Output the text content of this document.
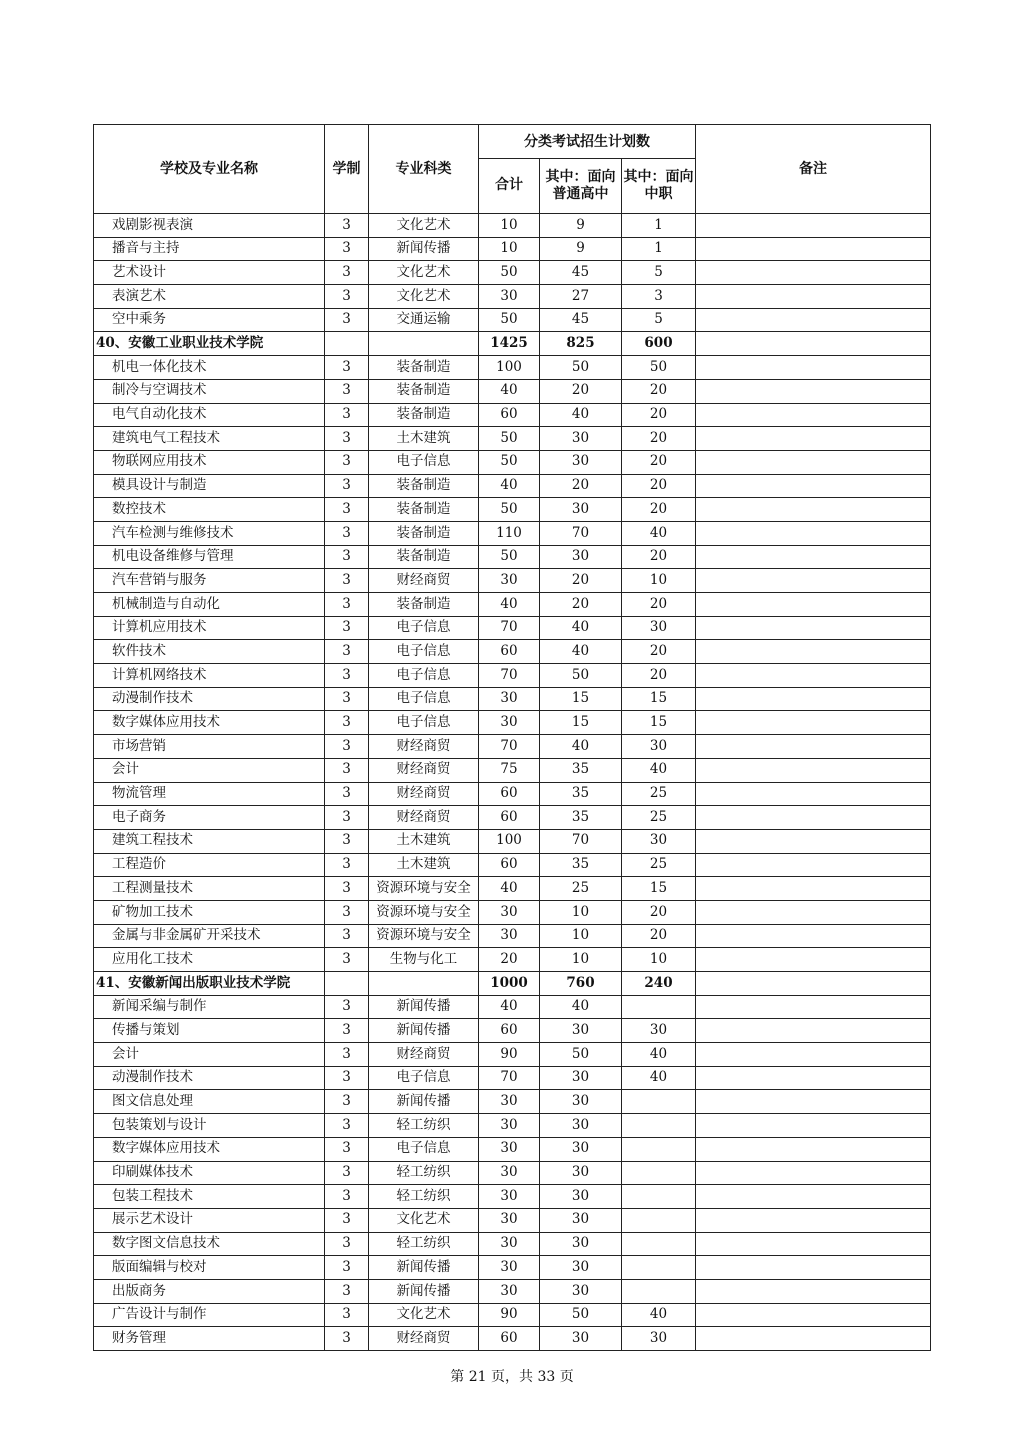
学校及专业名称	学制	专业科类	分类考试招生计划数			备注
			合计	其中：面向普通高中	其中：面向中职	
戏剧影视表演	3	文化艺术	10	9	1	
播音与主持	3	新闻传播	10	9	1	
艺术设计	3	文化艺术	50	45	5	
表演艺术	3	文化艺术	30	27	3	
空中乘务	3	交通运输	50	45	5	
40、安徽工业职业技术学院			1425	825	600	
机电一体化技术	3	装备制造	100	50	50	
制冷与空调技术	3	装备制造	40	20	20	
电气自动化技术	3	装备制造	60	40	20	
建筑电气工程技术	3	土木建筑	50	30	20	
物联网应用技术	3	电子信息	50	30	20	
模具设计与制造	3	装备制造	40	20	20	
数控技术	3	装备制造	50	30	20	
汽车检测与维修技术	3	装备制造	110	70	40	
机电设备维修与管理	3	装备制造	50	30	20	
汽车营销与服务	3	财经商贸	30	20	10	
机械制造与自动化	3	装备制造	40	20	20	
计算机应用技术	3	电子信息	70	40	30	
软件技术	3	电子信息	60	40	20	
计算机网络技术	3	电子信息	70	50	20	
动漫制作技术	3	电子信息	30	15	15	
数字媒体应用技术	3	电子信息	30	15	15	
市场营销	3	财经商贸	70	40	30	
会计	3	财经商贸	75	35	40	
物流管理	3	财经商贸	60	35	25	
电子商务	3	财经商贸	60	35	25	
建筑工程技术	3	土木建筑	100	70	30	
工程造价	3	土木建筑	60	35	25	
工程测量技术	3	资源环境与安全	40	25	15	
矿物加工技术	3	资源环境与安全	30	10	20	
金属与非金属矿开采技术	3	资源环境与安全	30	10	20	
应用化工技术	3	生物与化工	20	10	10	
41、安徽新闻出版职业技术学院			1000	760	240	
新闻采编与制作	3	新闻传播	40	40		
传播与策划	3	新闻传播	60	30	30	
会计	3	财经商贸	90	50	40	
动漫制作技术	3	电子信息	70	30	40	
图文信息处理	3	新闻传播	30	30		
包装策划与设计	3	轻工纺织	30	30		
数字媒体应用技术	3	电子信息	30	30		
印刷媒体技术	3	轻工纺织	30	30		
包装工程技术	3	轻工纺织	30	30		
展示艺术设计	3	文化艺术	30	30		
数字图文信息技术	3	轻工纺织	30	30		
版面编辑与校对	3	新闻传播	30	30		
出版商务	3	新闻传播	30	30		
广告设计与制作	3	文化艺术	90	50	40	
财务管理	3	财经商贸	60	30	30	
第 21 页，共 33 页
